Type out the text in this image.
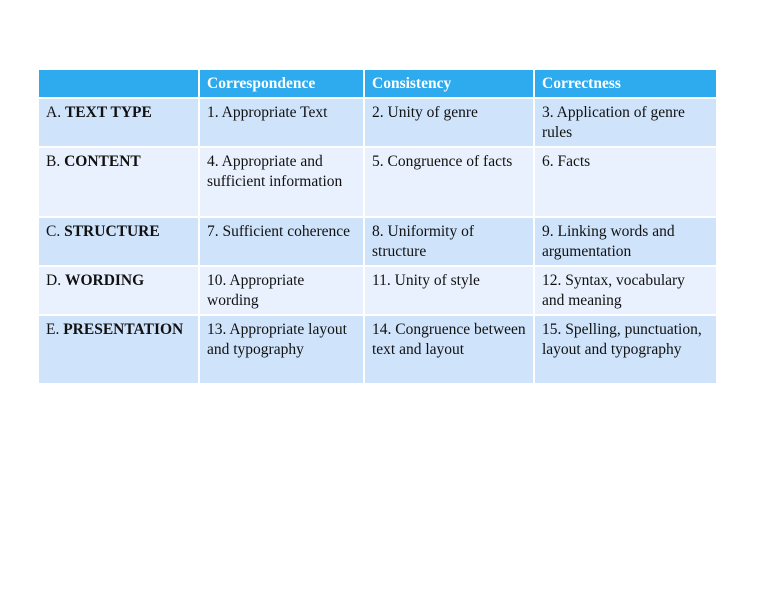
	Correspondence	Consistency	Correctness
A. TEXT TYPE	1. Appropriate Text	2. Unity of genre	3. Application of genre rules
B. CONTENT	4. Appropriate and sufficient information	5. Congruence of facts	6. Facts
C. STRUCTURE	7. Sufficient coherence	8. Uniformity of structure	9. Linking words and argumentation
D. WORDING	10. Appropriate wording	11. Unity of style	12. Syntax, vocabulary and meaning
E. PRESENTATION	13. Appropriate layout and typography	14. Congruence between text and layout	15. Spelling, punctuation, layout and typography
